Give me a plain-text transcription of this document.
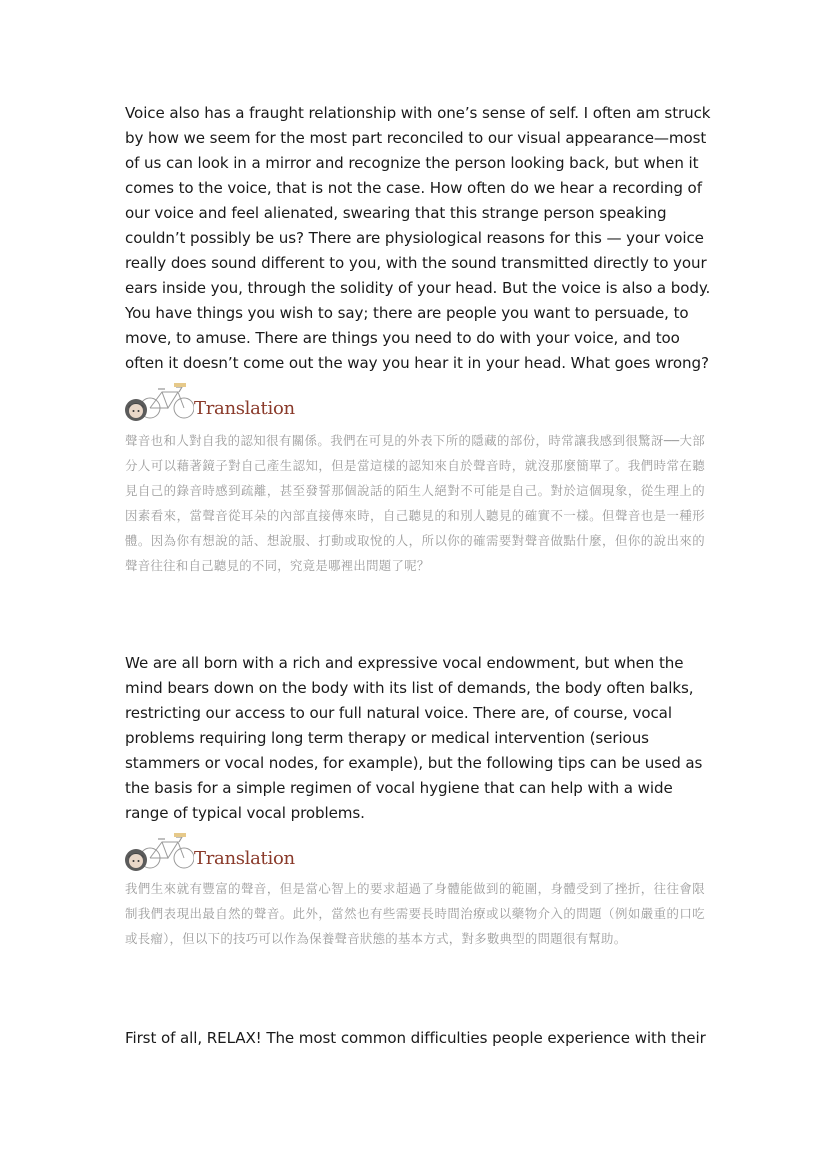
Voice also has a fraught relationship with one’s sense of self. I often am struck by how we seem for the most part reconciled to our visual appearance—most of us can look in a mirror and recognize the person looking back, but when it comes to the voice, that is not the case. How often do we hear a recording of our voice and feel alienated, swearing that this strange person speaking couldn’t possibly be us? There are physiological reasons for this — your voice really does sound different to you, with the sound transmitted directly to your ears inside you, through the solidity of your head. But the voice is also a body. You have things you wish to say; there are people you want to persuade, to move, to amuse. There are things you need to do with your voice, and too often it doesn’t come out the way you hear it in your head. What goes wrong?

Translation

聲音也和人對自我的認知很有關係。我們在可見的外表下所的隱藏的部份，時常讓我感到很驚訝──大部分人可以藉著鏡子對自己產生認知，但是當這樣的認知來自於聲音時，就沒那麼簡單了。我們時常在聽見自己的錄音時感到疏離，甚至發誓那個說話的陌生人絕對不可能是自己。對於這個現象，從生理上的因素看來，當聲音從耳朵的內部直接傳來時，自己聽見的和別人聽見的確實不一樣。但聲音也是一種形體。因為你有想說的話、想說服、打動或取悅的人，所以你的確需要對聲音做點什麼，但你的說出來的聲音往往和自己聽見的不同，究竟是哪裡出問題了呢？

We are all born with a rich and expressive vocal endowment, but when the mind bears down on the body with its list of demands, the body often balks, restricting our access to our full natural voice. There are, of course, vocal problems requiring long term therapy or medical intervention (serious stammers or vocal nodes, for example), but the following tips can be used as the basis for a simple regimen of vocal hygiene that can help with a wide range of typical vocal problems.

Translation

我們生來就有豐富的聲音，但是當心智上的要求超過了身體能做到的範圍，身體受到了挫折，往往會限制我們表現出最自然的聲音。此外，當然也有些需要長時間治療或以藥物介入的問題（例如嚴重的口吃或長瘤），但以下的技巧可以作為保養聲音狀態的基本方式，對多數典型的問題很有幫助。

First of all, RELAX! The most common difficulties people experience with their
